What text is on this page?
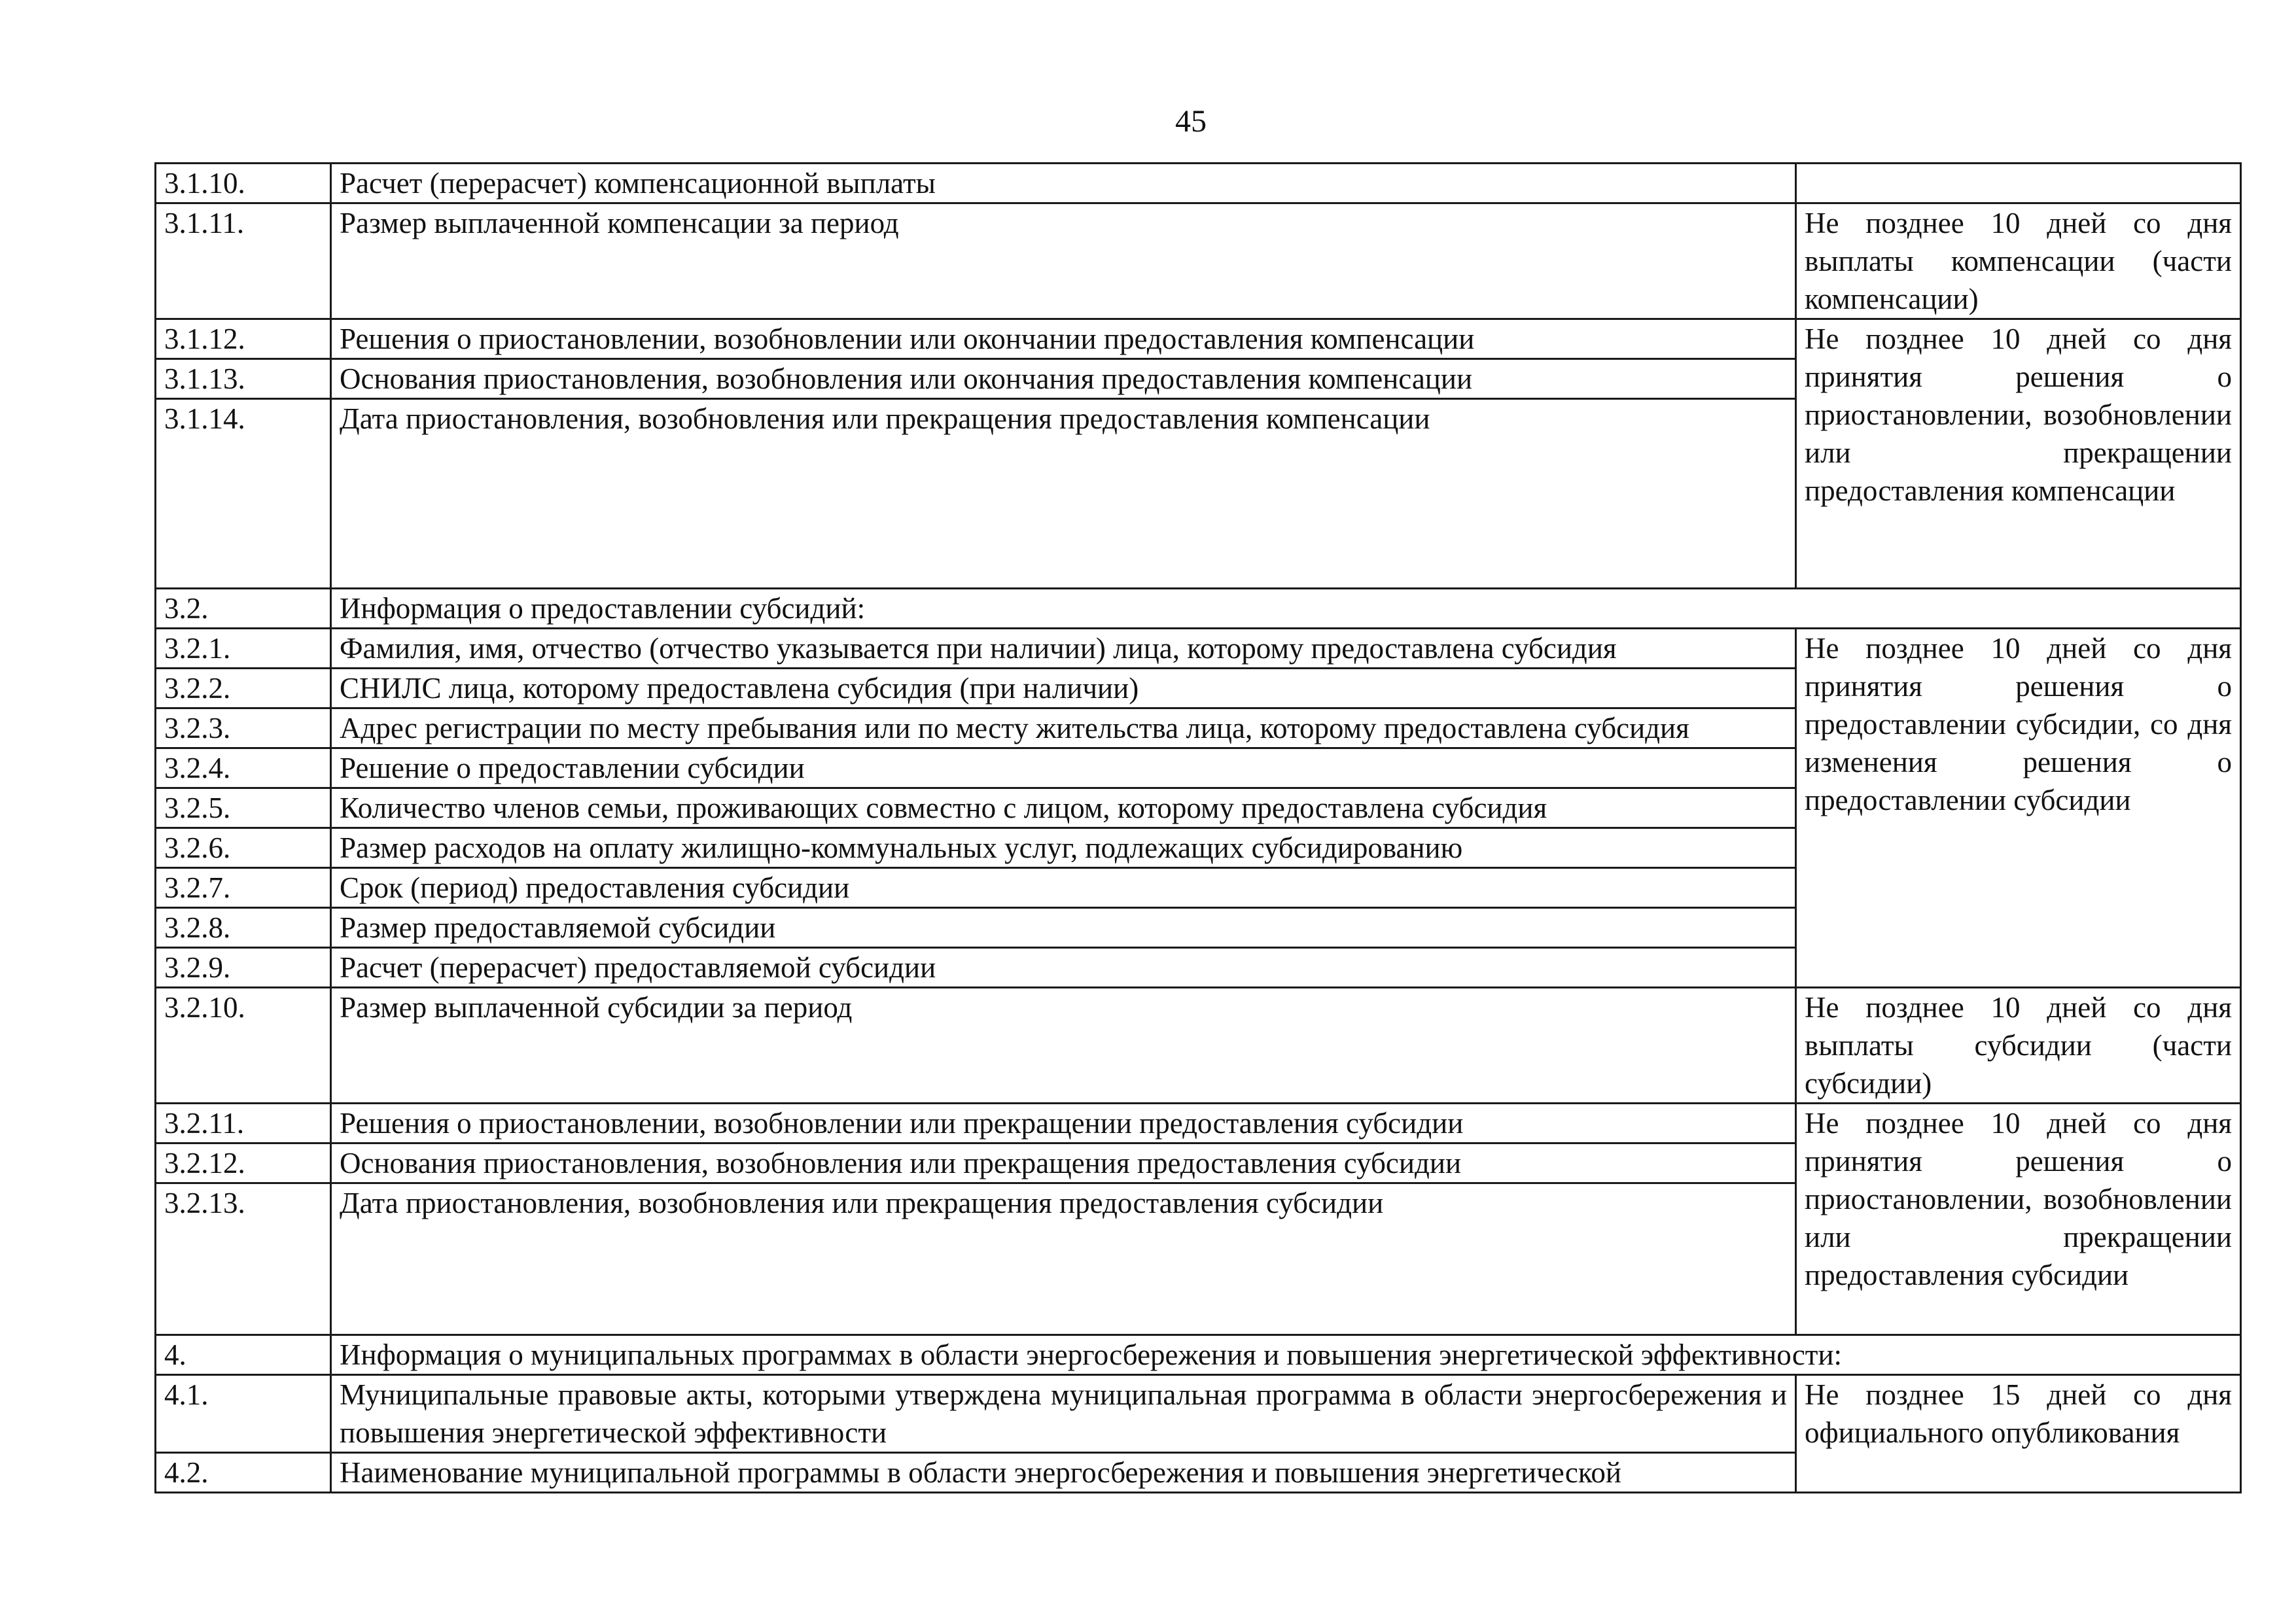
45
3.1.10.	Расчет (перерасчет) компенсационной выплаты	
3.1.11.	Размер выплаченной компенсации за период	Не позднее 10 дней со дня выплаты компенсации (части компенсации)
3.1.12.	Решения о приостановлении, возобновлении или окончании предоставления компенсации	Не позднее 10 дней со дня принятия решения о приостановлении, возобновлении или прекращении предоставления компенсации
3.1.13.	Основания приостановления, возобновления или окончания предоставления компенсации	
3.1.14.	Дата приостановления, возобновления или прекращения предоставления компенсации	
3.2.	Информация о предоставлении субсидий:	
3.2.1.	Фамилия, имя, отчество (отчество указывается при наличии) лица, которому предоставлена субсидия	Не позднее 10 дней со дня принятия решения о предоставлении субсидии, со дня изменения решения о предоставлении субсидии
3.2.2.	СНИЛС лица, которому предоставлена субсидия (при наличии)	
3.2.3.	Адрес регистрации по месту пребывания или по месту жительства лица, которому предоставлена субсидия	
3.2.4.	Решение о предоставлении субсидии	
3.2.5.	Количество членов семьи, проживающих совместно с лицом, которому предоставлена субсидия	
3.2.6.	Размер расходов на оплату жилищно-коммунальных услуг, подлежащих субсидированию	
3.2.7.	Срок (период) предоставления субсидии	
3.2.8.	Размер предоставляемой субсидии	
3.2.9.	Расчет (перерасчет) предоставляемой субсидии	
3.2.10.	Размер выплаченной субсидии за период	Не позднее 10 дней со дня выплаты субсидии (части субсидии)
3.2.11.	Решения о приостановлении, возобновлении или прекращении предоставления субсидии	Не позднее 10 дней со дня принятия решения о приостановлении, возобновлении или прекращении предоставления субсидии
3.2.12.	Основания приостановления, возобновления или прекращения предоставления субсидии	
3.2.13.	Дата приостановления, возобновления или прекращения предоставления субсидии	
4.	Информация о муниципальных программах в области энергосбережения и повышения энергетической эффективности:	
4.1.	Муниципальные правовые акты, которыми утверждена муниципальная программа в области энергосбережения и повышения энергетической эффективности	Не позднее 15 дней со дня официального опубликования
4.2.	Наименование муниципальной программы в области энергосбережения и повышения энергетической	
